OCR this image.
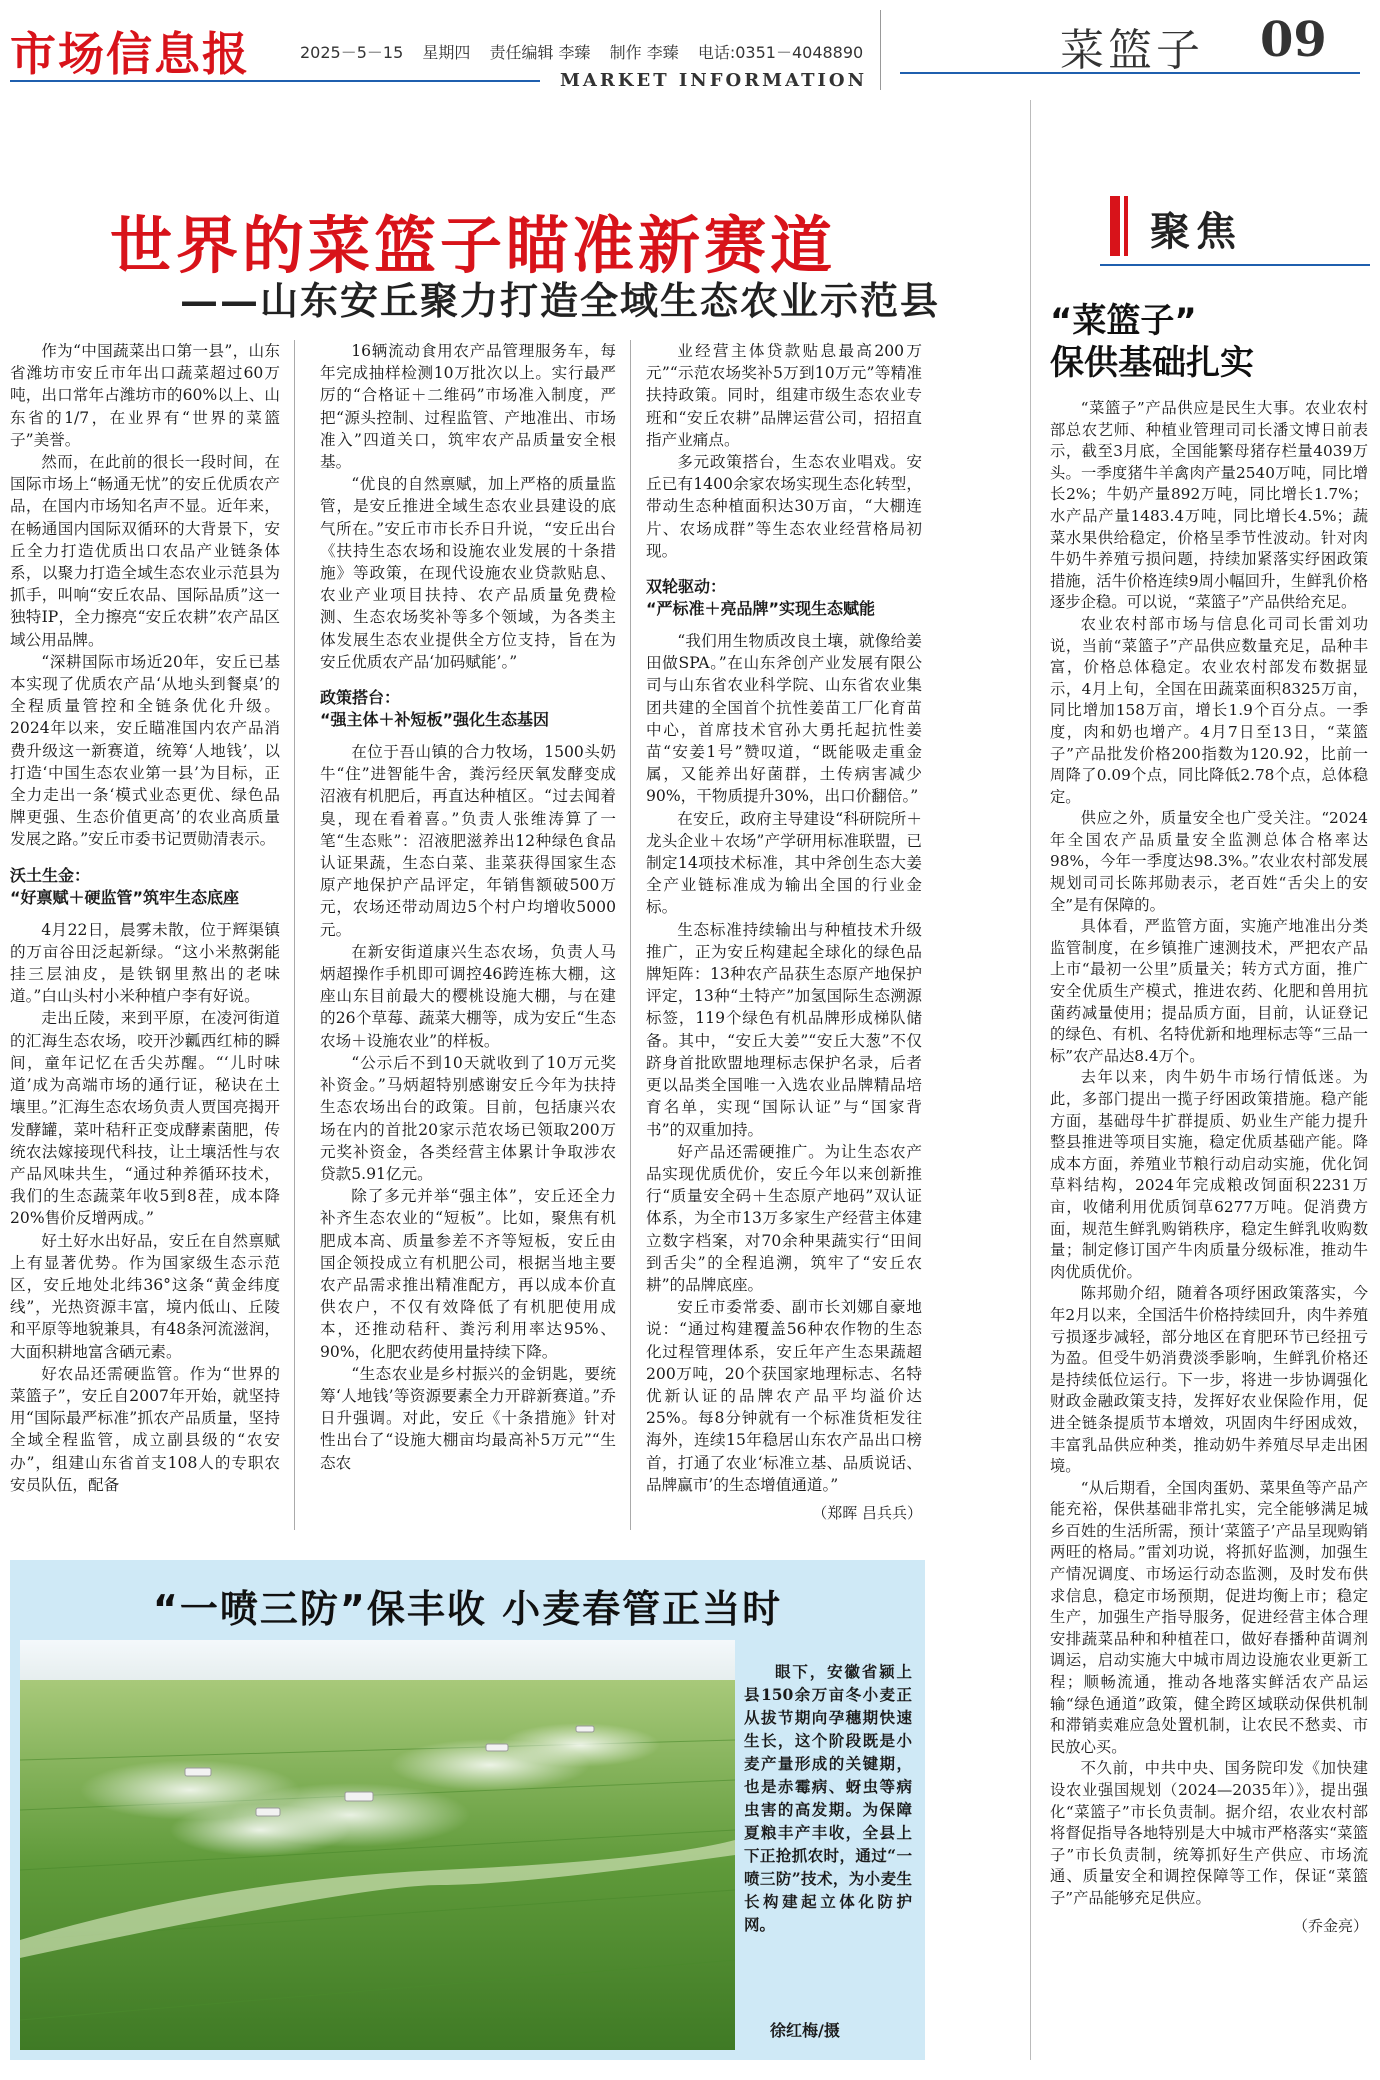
市场信息报	2025－5－15 星期四 责任编辑 李臻 制作 李臻 电话:0351－4048890
MARKET INFORMATION
菜篮子 09
世界的菜篮子瞄准新赛道
——山东安丘聚力打造全域生态农业示范县

作为“中国蔬菜出口第一县”，山东省潍坊市安丘市年出口蔬菜超过60万吨，出口常年占潍坊市的60%以上、山东省的1/7，在业界有“世界的菜篮子”美誉。

然而，在此前的很长一段时间，在国际市场上“畅通无忧”的安丘优质农产品，在国内市场知名声不显。近年来，在畅通国内国际双循环的大背景下，安丘全力打造优质出口农品产业链条体系，以聚力打造全域生态农业示范县为抓手，叫响“安丘农品、国际品质”这一独特IP，全力擦亮“安丘农耕”农产品区域公用品牌。

“深耕国际市场近20年，安丘已基本实现了优质农产品‘从地头到餐桌’的全程质量管控和全链条优化升级。2024年以来，安丘瞄准国内农产品消费升级这一新赛道，统筹‘人地钱’，以打造‘中国生态农业第一县’为目标，正全力走出一条‘模式业态更优、绿色品牌更强、生态价值更高’的农业高质量发展之路。”安丘市委书记贾勋清表示。

沃土生金：
“好禀赋＋硬监管”筑牢生态底座

4月22日，晨雾未散，位于辉渠镇的万亩谷田泛起新绿。“这小米熬粥能挂三层油皮，是铁钢里熬出的老味道。”白山头村小米种植户李有好说。

走出丘陵，来到平原，在凌河街道的汇海生态农场，咬开沙瓤西红柿的瞬间，童年记忆在舌尖苏醒。“‘儿时味道’成为高端市场的通行证，秘诀在土壤里。”汇海生态农场负责人贾国亮揭开发酵罐，菜叶秸秆正变成酵素菌肥，传统农法嫁接现代科技，让土壤活性与农产品风味共生，“通过种养循环技术，我们的生态蔬菜年收5到8茬，成本降20%售价反增两成。”

好土好水出好品，安丘在自然禀赋上有显著优势。作为国家级生态示范区，安丘地处北纬36°这条“黄金纬度线”，光热资源丰富，境内低山、丘陵和平原等地貌兼具，有48条河流滋润，大面积耕地富含硒元素。

好农品还需硬监管。作为“世界的菜篮子”，安丘自2007年开始，就坚持用“国际最严标准”抓农产品质量，坚持全域全程监管，成立副县级的“农安办”，组建山东省首支108人的专职农安员队伍，配备

16辆流动食用农产品管理服务车，每年完成抽样检测10万批次以上。实行最严厉的“合格证＋二维码”市场准入制度，严把“源头控制、过程监管、产地准出、市场准入”四道关口，筑牢农产品质量安全根基。

“优良的自然禀赋，加上严格的质量监管，是安丘推进全域生态农业县建设的底气所在。”安丘市市长乔日升说，“安丘出台《扶持生态农场和设施农业发展的十条措施》等政策，在现代设施农业贷款贴息、农业产业项目扶持、农产品质量免费检测、生态农场奖补等多个领域，为各类主体发展生态农业提供全方位支持，旨在为安丘优质农产品‘加码赋能’。”

政策搭台：
“强主体＋补短板”强化生态基因

在位于吾山镇的合力牧场，1500头奶牛“住”进智能牛舍，粪污经厌氧发酵变成沼液有机肥后，再直达种植区。“过去闻着臭，现在看着喜。”负责人张维涛算了一笔“生态账”：沼液肥滋养出12种绿色食品认证果蔬，生态白菜、韭菜获得国家生态原产地保护产品评定，年销售额破500万元，农场还带动周边5个村户均增收5000元。

在新安街道康兴生态农场，负责人马炳超操作手机即可调控46跨连栋大棚，这座山东目前最大的樱桃设施大棚，与在建的26个草莓、蔬菜大棚等，成为安丘“生态农场＋设施农业”的样板。

“公示后不到10天就收到了10万元奖补资金。”马炳超特别感谢安丘今年为扶持生态农场出台的政策。目前，包括康兴农场在内的首批20家示范农场已领取200万元奖补资金，各类经营主体累计争取涉农贷款5.91亿元。

除了多元并举“强主体”，安丘还全力补齐生态农业的“短板”。比如，聚焦有机肥成本高、质量参差不齐等短板，安丘由国企领投成立有机肥公司，根据当地主要农产品需求推出精准配方，再以成本价直供农户，不仅有效降低了有机肥使用成本，还推动秸秆、粪污利用率达95%、90%，化肥农药使用量持续下降。

“生态农业是乡村振兴的金钥匙，要统筹‘人地钱’等资源要素全力开辟新赛道。”乔日升强调。对此，安丘《十条措施》针对性出台了“设施大棚亩均最高补5万元”“生态农

业经营主体贷款贴息最高200万元”“示范农场奖补5万到10万元”等精准扶持政策。同时，组建市级生态农业专班和“安丘农耕”品牌运营公司，招招直指产业痛点。

多元政策搭台，生态农业唱戏。安丘已有1400余家农场实现生态化转型，带动生态种植面积达30万亩，“大棚连片、农场成群”等生态农业经营格局初现。

双轮驱动：
“严标准＋亮品牌”实现生态赋能

“我们用生物质改良土壤，就像给姜田做SPA。”在山东斧创产业发展有限公司与山东省农业科学院、山东省农业集团共建的全国首个抗性姜苗工厂化育苗中心，首席技术官孙大勇托起抗性姜苗“安姜1号”赞叹道，“既能吸走重金属，又能养出好菌群，土传病害减少90%，干物质提升30%，出口价翻倍。”

在安丘，政府主导建设“科研院所＋龙头企业＋农场”产学研用标准联盟，已制定14项技术标准，其中斧创生态大姜全产业链标准成为输出全国的行业金标。

生态标准持续输出与种植技术升级推广，正为安丘构建起全球化的绿色品牌矩阵：13种农产品获生态原产地保护评定，13种“土特产”加氢国际生态溯源标签，119个绿色有机品牌形成梯队储备。其中，“安丘大姜”“安丘大葱”不仅跻身首批欧盟地理标志保护名录，后者更以品类全国唯一入选农业品牌精品培育名单，实现“国际认证”与“国家背书”的双重加持。

好产品还需硬推广。为让生态农产品实现优质优价，安丘今年以来创新推行“质量安全码＋生态原产地码”双认证体系，为全市13万多家生产经营主体建立数字档案，对70余种果蔬实行“田间到舌尖”的全程追溯，筑牢了“安丘农耕”的品牌底座。

安丘市委常委、副市长刘娜自豪地说：“通过构建覆盖56种农作物的生态化过程管理体系，安丘年产生态果蔬超200万吨，20个获国家地理标志、名特优新认证的品牌农产品平均溢价达25%。每8分钟就有一个标准货柜发往海外，连续15年稳居山东农产品出口榜首，打通了农业‘标准立基、品质说话、品牌赢市’的生态增值通道。”

（郑晖 吕兵兵）
聚焦
“菜篮子”
保供基础扎实

“菜篮子”产品供应是民生大事。农业农村部总农艺师、种植业管理司司长潘文博日前表示，截至3月底，全国能繁母猪存栏量4039万头。一季度猪牛羊禽肉产量2540万吨，同比增长2%；牛奶产量892万吨，同比增长1.7%；水产品产量1483.4万吨，同比增长4.5%；蔬菜水果供给稳定，价格呈季节性波动。针对肉牛奶牛养殖亏损问题，持续加紧落实纾困政策措施，活牛价格连续9周小幅回升，生鲜乳价格逐步企稳。可以说，“菜篮子”产品供给充足。

农业农村部市场与信息化司司长雷刘功说，当前“菜篮子”产品供应数量充足，品种丰富，价格总体稳定。农业农村部发布数据显示，4月上旬，全国在田蔬菜面积8325万亩，同比增加158万亩，增长1.9个百分点。一季度，肉和奶也增产。4月7日至13日，“菜篮子”产品批发价格200指数为120.92，比前一周降了0.09个点，同比降低2.78个点，总体稳定。

供应之外，质量安全也广受关注。“2024年全国农产品质量安全监测总体合格率达98%，今年一季度达98.3%。”农业农村部发展规划司司长陈邦勋表示，老百姓“舌尖上的安全”是有保障的。

具体看，严监管方面，实施产地准出分类监管制度，在乡镇推广速测技术，严把农产品上市“最初一公里”质量关；转方式方面，推广安全优质生产模式，推进农药、化肥和兽用抗菌药减量使用；提品质方面，目前，认证登记的绿色、有机、名特优新和地理标志等“三品一标”农产品达8.4万个。

去年以来，肉牛奶牛市场行情低迷。为此，多部门提出一揽子纾困政策措施。稳产能方面，基础母牛扩群提质、奶业生产能力提升整县推进等项目实施，稳定优质基础产能。降成本方面，养殖业节粮行动启动实施，优化饲草料结构，2024年完成粮改饲面积2231万亩，收储利用优质饲草6277万吨。促消费方面，规范生鲜乳购销秩序，稳定生鲜乳收购数量；制定修订国产牛肉质量分级标准，推动牛肉优质优价。

陈邦勋介绍，随着各项纾困政策落实，今年2月以来，全国活牛价格持续回升，肉牛养殖亏损逐步减轻，部分地区在育肥环节已经扭亏为盈。但受牛奶消费淡季影响，生鲜乳价格还是持续低位运行。下一步，将进一步协调强化财政金融政策支持，发挥好农业保险作用，促进全链条提质节本增效，巩固肉牛纾困成效，丰富乳品供应种类，推动奶牛养殖尽早走出困境。

“从后期看，全国肉蛋奶、菜果鱼等产品产能充裕，保供基础非常扎实，完全能够满足城乡百姓的生活所需，预计‘菜篮子’产品呈现购销两旺的格局。”雷刘功说，将抓好监测，加强生产情况调度、市场运行动态监测，及时发布供求信息，稳定市场预期，促进均衡上市；稳定生产，加强生产指导服务，促进经营主体合理安排蔬菜品种和种植茬口，做好春播种苗调剂调运，启动实施大中城市周边设施农业更新工程；顺畅流通，推动各地落实鲜活农产品运输“绿色通道”政策，健全跨区域联动保供机制和滞销卖难应急处置机制，让农民不愁卖、市民放心买。

不久前，中共中央、国务院印发《加快建设农业强国规划（2024—2035年）》，提出强化“菜篮子”市长负责制。据介绍，农业农村部将督促指导各地特别是大中城市严格落实“菜篮子”市长负责制，统筹抓好生产供应、市场流通、质量安全和调控保障等工作，保证“菜篮子”产品能够充足供应。

（乔金亮）
“一喷三防”保丰收 小麦春管正当时
眼下，安徽省颍上县150余万亩冬小麦正从拔节期向孕穗期快速生长，这个阶段既是小麦产量形成的关键期，也是赤霉病、蚜虫等病虫害的高发期。为保障夏粮丰产丰收，全县上下正抢抓农时，通过“一喷三防”技术，为小麦生长构建起立体化防护网。
徐红梅/摄
